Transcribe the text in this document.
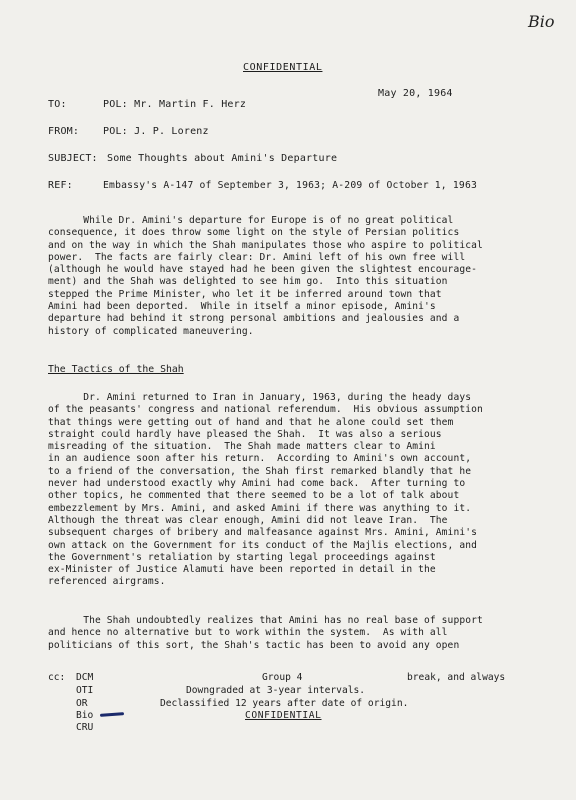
Bio
CONFIDENTIAL
May 20, 1964
TO:	POL: Mr. Martin F. Herz
FROM: POL: J. P. Lorenz
SUBJECT: Some Thoughts about Amini's Departure
REF:	Embassy's A-147 of September 3, 1963; A-209 of October 1, 1963
While Dr. Amini's departure for Europe is of no great political
consequence, it does throw some light on the style of Persian politics
and on the way in which the Shah manipulates those who aspire to political
power.  The facts are fairly clear: Dr. Amini left of his own free will
(although he would have stayed had he been given the slightest encourage-
ment) and the Shah was delighted to see him go.  Into this situation
stepped the Prime Minister, who let it be inferred around town that
Amini had been deported.  While in itself a minor episode, Amini's
departure had behind it strong personal ambitions and jealousies and a
history of complicated maneuvering.
The Tactics of the Shah
Dr. Amini returned to Iran in January, 1963, during the heady days
of the peasants' congress and national referendum.  His obvious assumption
that things were getting out of hand and that he alone could set them
straight could hardly have pleased the Shah.  It was also a serious
misreading of the situation.  The Shah made matters clear to Amini
in an audience soon after his return.  According to Amini's own account,
to a friend of the conversation, the Shah first remarked blandly that he
never had understood exactly why Amini had come back.  After turning to
other topics, he commented that there seemed to be a lot of talk about
embezzlement by Mrs. Amini, and asked Amini if there was anything to it.
Although the threat was clear enough, Amini did not leave Iran.  The
subsequent charges of bribery and malfeasance against Mrs. Amini, Amini's
own attack on the Government for its conduct of the Majlis elections, and
the Government's retaliation by starting legal proceedings against
ex-Minister of Justice Alamuti have been reported in detail in the
referenced airgrams.
The Shah undoubtedly realizes that Amini has no real base of support
and hence no alternative but to work within the system.  As with all
politicians of this sort, the Shah's tactic has been to avoid any open
cc: DCM
OTI
OR
Bio
CRU
Group 4	break, and always
Downgraded at 3-year intervals.
Declassified 12 years after date of origin.
CONFIDENTIAL
